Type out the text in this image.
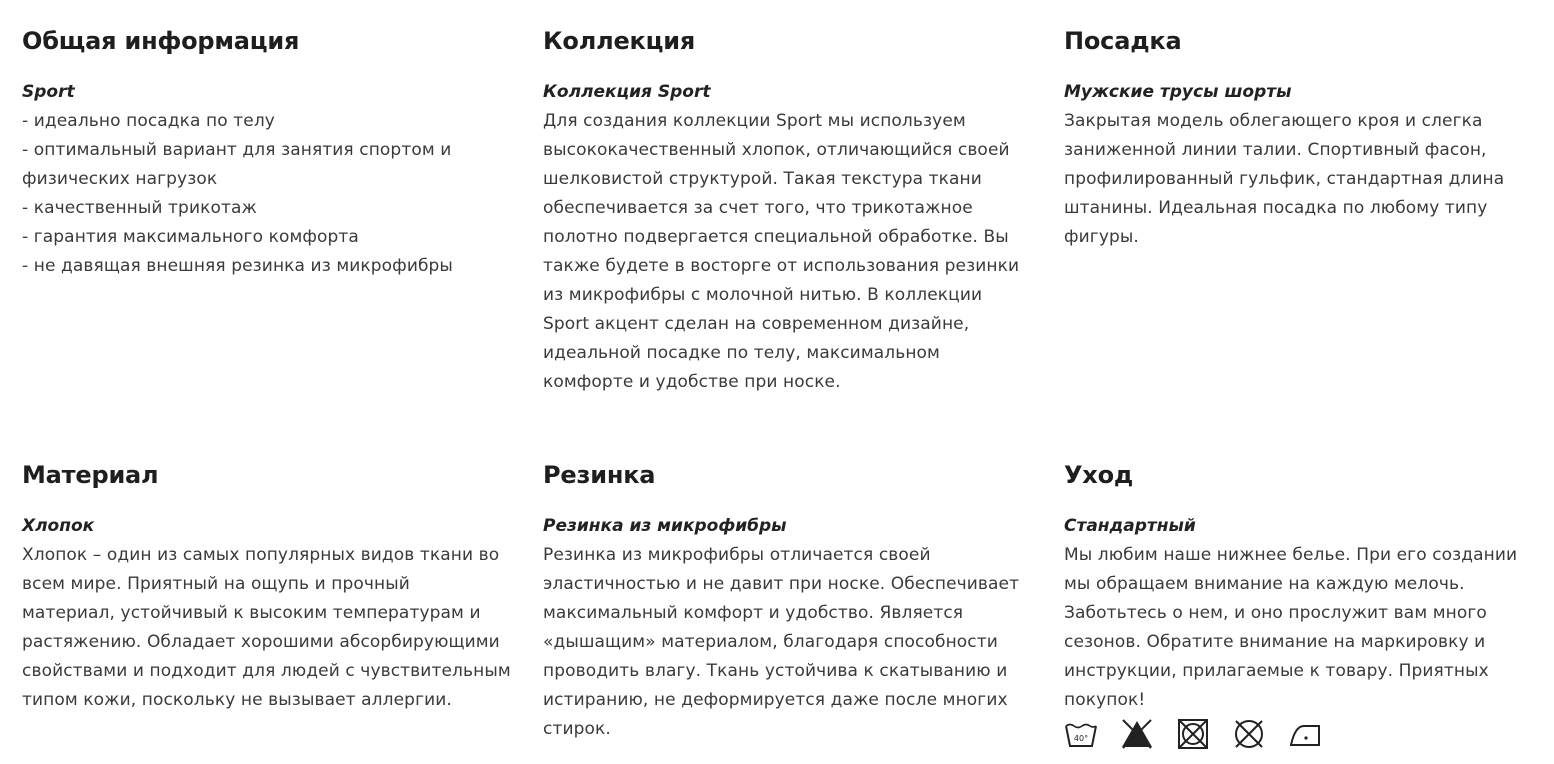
Общая информация
Sport
- идеально посадка по телу
- оптимальный вариант для занятия спортом и
физических нагрузок
- качественный трикотаж
- гарантия максимального комфорта
- не давящая внешняя резинка из микрофибры
Коллекция
Коллекция Sport
Для создания коллекции Sport мы используем
высококачественный хлопок, отличающийся своей
шелковистой структурой. Такая текстура ткани
обеспечивается за счет того, что трикотажное
полотно подвергается специальной обработке. Вы
также будете в восторге от использования резинки
из микрофибры с молочной нитью. В коллекции
Sport акцент сделан на современном дизайне,
идеальной посадке по телу, максимальном
комфорте и удобстве при носке.
Посадка
Мужские трусы шорты
Закрытая модель облегающего кроя и слегка
заниженной линии талии. Спортивный фасон,
профилированный гульфик, стандартная длина
штанины. Идеальная посадка по любому типу
фигуры.
Материал
Хлопок
Хлопок – один из самых популярных видов ткани во
всем мире. Приятный на ощупь и прочный
материал, устойчивый к высоким температурам и
растяжению. Обладает хорошими абсорбирующими
свойствами и подходит для людей с чувствительным
типом кожи, поскольку не вызывает аллергии.
Резинка
Резинка из микрофибры
Резинка из микрофибры отличается своей
эластичностью и не давит при носке. Обеспечивает
максимальный комфорт и удобство. Является
«дышащим» материалом, благодаря способности
проводить влагу. Ткань устойчива к скатыванию и
истиранию, не деформируется даже после многих
стирок.
Уход
Стандартный
Мы любим наше нижнее белье. При его создании
мы обращаем внимание на каждую мелочь.
Заботьтесь о нем, и оно прослужит вам много
сезонов. Обратите внимание на маркировку и
инструкции, прилагаемые к товару. Приятных
покупок!
40°
